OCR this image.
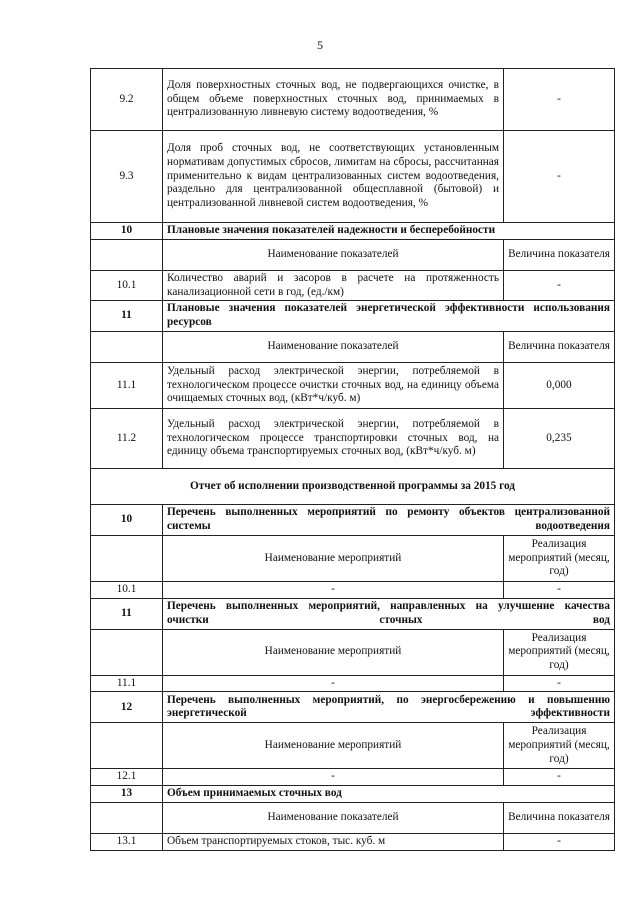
5
9.2	Доля поверхностных сточных вод, не подвергающихся очистке, в общем объеме поверхностных сточных вод, принимаемых в централизованную ливневую систему водоотведения, %	-
9.3	Доля проб сточных вод, не соответствующих установленным нормативам допустимых сбросов, лимитам на сбросы, рассчитанная применительно к видам централизованных систем водоотведения, раздельно для централизованной общесплавной (бытовой) и централизованной ливневой систем водоотведения, %	-
10	Плановые значения показателей надежности и бесперебойности	
	Наименование показателей	Величина показателя
10.1	Количество аварий и засоров в расчете на протяженность канализационной сети в год, (ед./км)	-
11	Плановые значения показателей энергетической эффективности использования ресурсов	
	Наименование показателей	Величина показателя
11.1	Удельный расход электрической энергии, потребляемой в технологическом процессе очистки сточных вод, на единицу объема очищаемых сточных вод, (кВт*ч/куб. м)	0,000
11.2	Удельный расход электрической энергии, потребляемой в технологическом процессе транспортировки сточных вод, на единицу объема транспортируемых сточных вод, (кВт*ч/куб. м)	0,235
Отчет об исполнении производственной программы за 2015 год		
10	Перечень выполненных мероприятий по ремонту объектов централизованной системы водоотведения	
	Наименование мероприятий	Реализация мероприятий (месяц, год)
10.1	-	-
11	Перечень выполненных мероприятий, направленных на улучшение качества очистки сточных вод	
	Наименование мероприятий	Реализация мероприятий (месяц, год)
11.1	-	-
12	Перечень выполненных мероприятий, по энергосбережению и повышению энергетической эффективности	
	Наименование мероприятий	Реализация мероприятий (месяц, год)
12.1	-	-
13	Объем принимаемых сточных вод	
	Наименование показателей	Величина показателя
13.1	Объем транспортируемых стоков, тыс. куб. м	-
